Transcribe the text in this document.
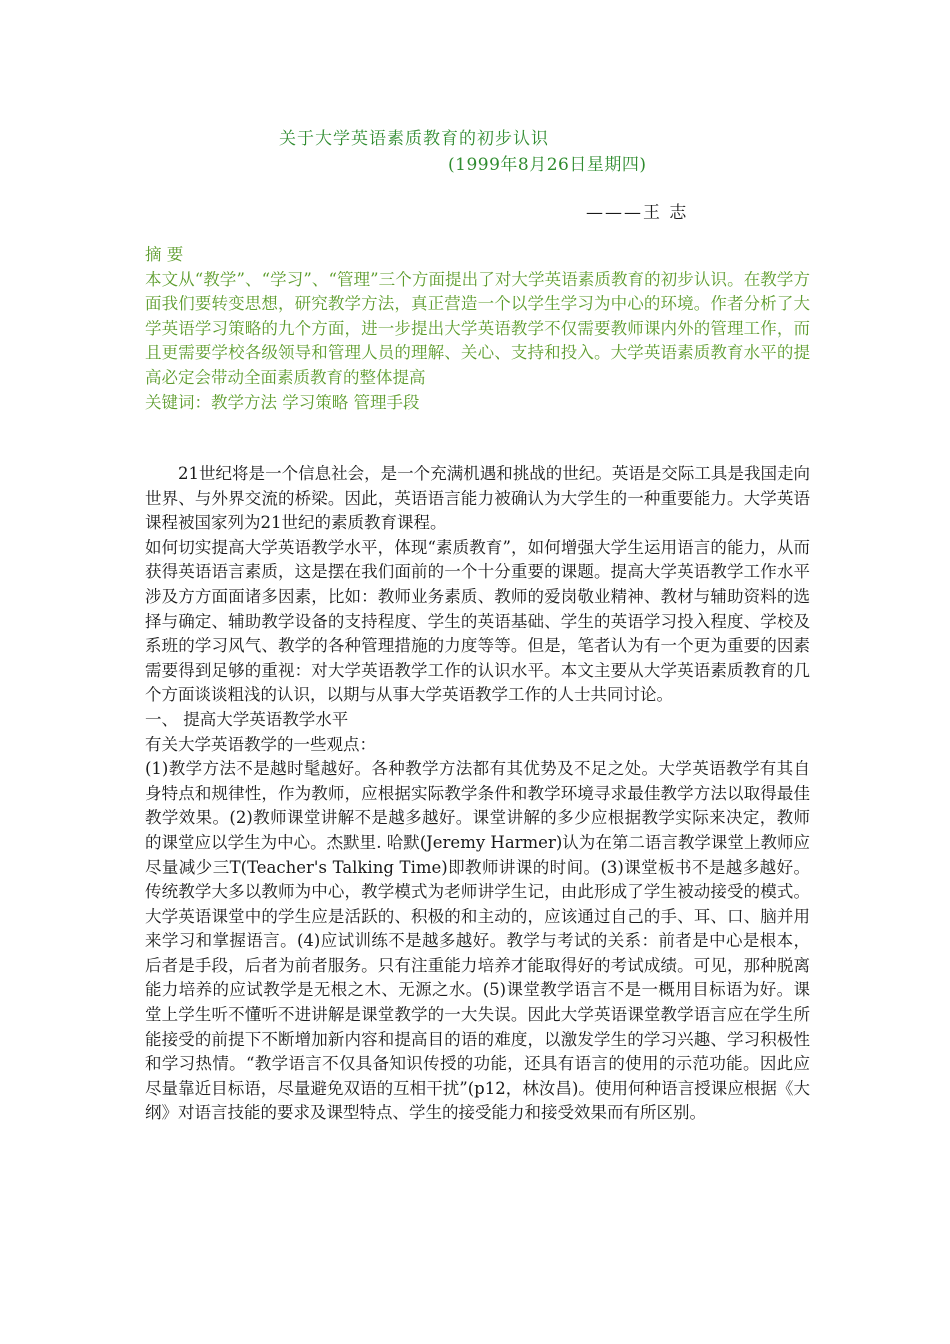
关于大学英语素质教育的初步认识
(1999年8月26日星期四)
———王 志

摘 要

本文从“教学”、“学习”、“管理”三个方面提出了对大学英语素质教育的初步认识。在教学方面我们要转变思想，研究教学方法，真正营造一个以学生学习为中心的环境。作者分析了大学英语学习策略的九个方面，进一步提出大学英语教学不仅需要教师课内外的管理工作，而且更需要学校各级领导和管理人员的理解、关心、支持和投入。大学英语素质教育水平的提高必定会带动全面素质教育的整体提高

关键词：教学方法 学习策略 管理手段

21世纪将是一个信息社会，是一个充满机遇和挑战的世纪。英语是交际工具是我国走向世界、与外界交流的桥梁。因此，英语语言能力被确认为大学生的一种重要能力。大学英语课程被国家列为21世纪的素质教育课程。

如何切实提高大学英语教学水平，体现“素质教育”，如何增强大学生运用语言的能力，从而获得英语语言素质，这是摆在我们面前的一个十分重要的课题。提高大学英语教学工作水平涉及方方面面诸多因素，比如：教师业务素质、教师的爱岗敬业精神、教材与辅助资料的选择与确定、辅助教学设备的支持程度、学生的英语基础、学生的英语学习投入程度、学校及系班的学习风气、教学的各种管理措施的力度等等。但是，笔者认为有一个更为重要的因素需要得到足够的重视：对大学英语教学工作的认识水平。本文主要从大学英语素质教育的几个方面谈谈粗浅的认识，以期与从事大学英语教学工作的人士共同讨论。

一、 提高大学英语教学水平

有关大学英语教学的一些观点：

(1)教学方法不是越时髦越好。各种教学方法都有其优势及不足之处。大学英语教学有其自身特点和规律性，作为教师，应根据实际教学条件和教学环境寻求最佳教学方法以取得最佳教学效果。(2)教师课堂讲解不是越多越好。课堂讲解的多少应根据教学实际来决定，教师的课堂应以学生为中心。杰默里. 哈默(Jeremy Harmer)认为在第二语言教学课堂上教师应尽量减少三T(Teacher's Talking Time)即教师讲课的时间。(3)课堂板书不是越多越好。传统教学大多以教师为中心，教学模式为老师讲学生记，由此形成了学生被动接受的模式。大学英语课堂中的学生应是活跃的、积极的和主动的，应该通过自己的手、耳、口、脑并用来学习和掌握语言。(4)应试训练不是越多越好。教学与考试的关系：前者是中心是根本，后者是手段，后者为前者服务。只有注重能力培养才能取得好的考试成绩。可见，那种脱离能力培养的应试教学是无根之木、无源之水。(5)课堂教学语言不是一概用目标语为好。课堂上学生听不懂听不进讲解是课堂教学的一大失误。因此大学英语课堂教学语言应在学生所能接受的前提下不断增加新内容和提高目的语的难度，以激发学生的学习兴趣、学习积极性和学习热情。“教学语言不仅具备知识传授的功能，还具有语言的使用的示范功能。因此应尽量靠近目标语，尽量避免双语的互相干扰”(p12，林汝昌)。使用何种语言授课应根据《大纲》对语言技能的要求及课型特点、学生的接受能力和接受效果而有所区别。
